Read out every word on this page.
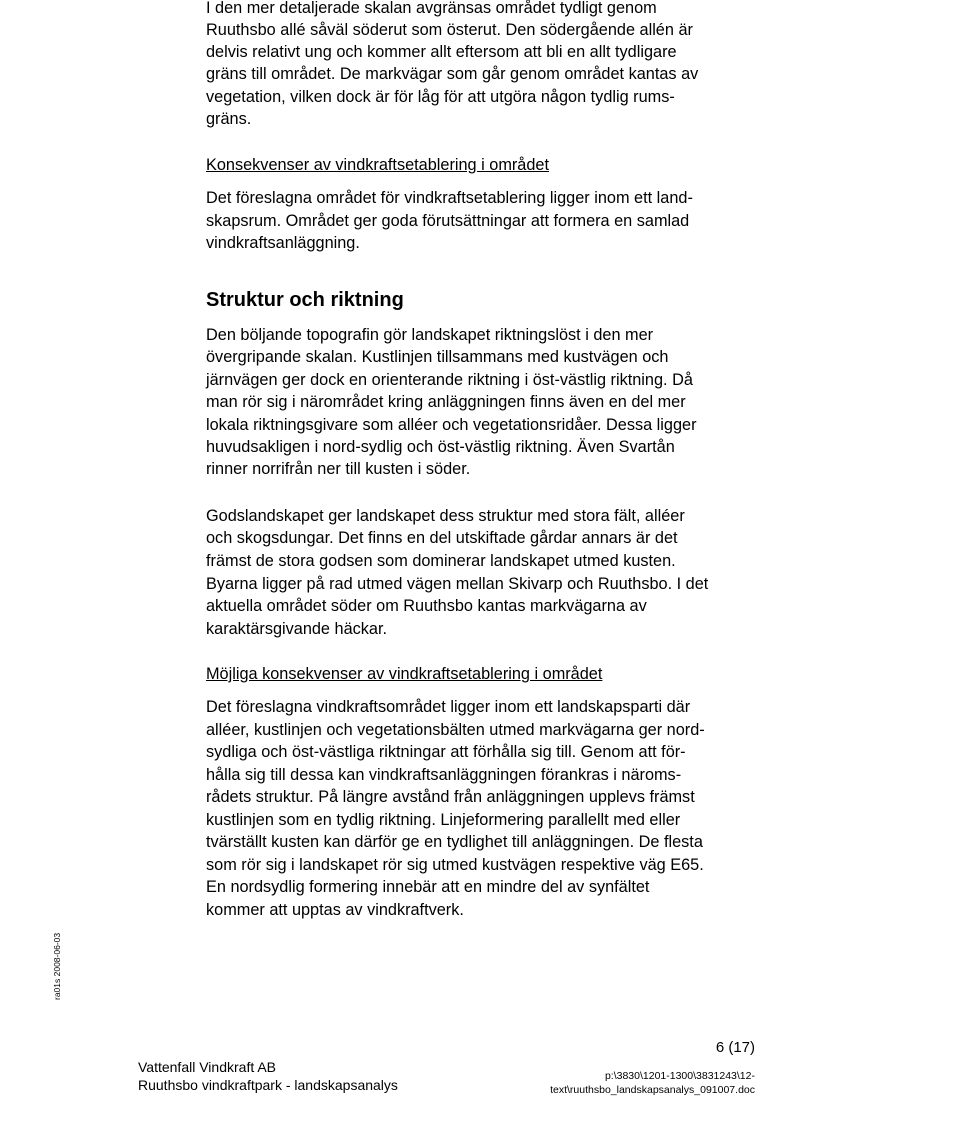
I den mer detaljerade skalan avgränsas området tydligt genom
Ruuthsbo allé såväl söderut som österut. Den södergående allén är
delvis relativt ung och kommer allt eftersom att bli en allt tydligare
gräns till området. De markvägar som går genom området kantas av
vegetation, vilken dock är för låg för att utgöra någon tydlig rums-
gräns.
Konsekvenser av vindkraftsetablering i området
Det föreslagna området för vindkraftsetablering ligger inom ett land-
skapsrum. Området ger goda förutsättningar att formera en samlad
vindkraftsanläggning.
Struktur och riktning
Den böljande topografin gör landskapet riktningslöst i den mer
övergripande skalan. Kustlinjen tillsammans med kustvägen och
järnvägen ger dock en orienterande riktning i öst-västlig riktning. Då
man rör sig i närområdet kring anläggningen finns även en del mer
lokala riktningsgivare som alléer och vegetationsridåer. Dessa ligger
huvudsakligen i nord-sydlig och öst-västlig riktning. Även Svartån
rinner norrifrån ner till kusten i söder.
Godslandskapet ger landskapet dess struktur med stora fält, alléer
och skogsdungar. Det finns en del utskiftade gårdar annars är det
främst de stora godsen som dominerar landskapet utmed kusten.
Byarna ligger på rad utmed vägen mellan Skivarp och Ruuthsbo. I det
aktuella området söder om Ruuthsbo kantas markvägarna av
karaktärsgivande häckar.
Möjliga konsekvenser av vindkraftsetablering i området
Det föreslagna vindkraftsområdet ligger inom ett landskapsparti där
alléer, kustlinjen och vegetationsbälten utmed markvägarna ger nord-
sydliga och öst-västliga riktningar att förhålla sig till. Genom att för-
hålla sig till dessa kan vindkraftsanläggningen förankras i näroms-
rådets struktur. På längre avstånd från anläggningen upplevs främst
kustlinjen som en tydlig riktning. Linjeformering parallellt med eller
tvärställt kusten kan därför ge en tydlighet till anläggningen. De flesta
som rör sig i landskapet rör sig utmed kustvägen respektive väg E65.
En nordsydlig formering innebär att en mindre del av synfältet
kommer att upptas av vindkraftverk.
ra01s 2008-06-03
Vattenfall Vindkraft AB
Ruuthsbo vindkraftpark - landskapsanalys
6 (17)
p:\3830\1201-1300\3831243\12-
text\ruuthsbo_landskapsanalys_091007.doc
